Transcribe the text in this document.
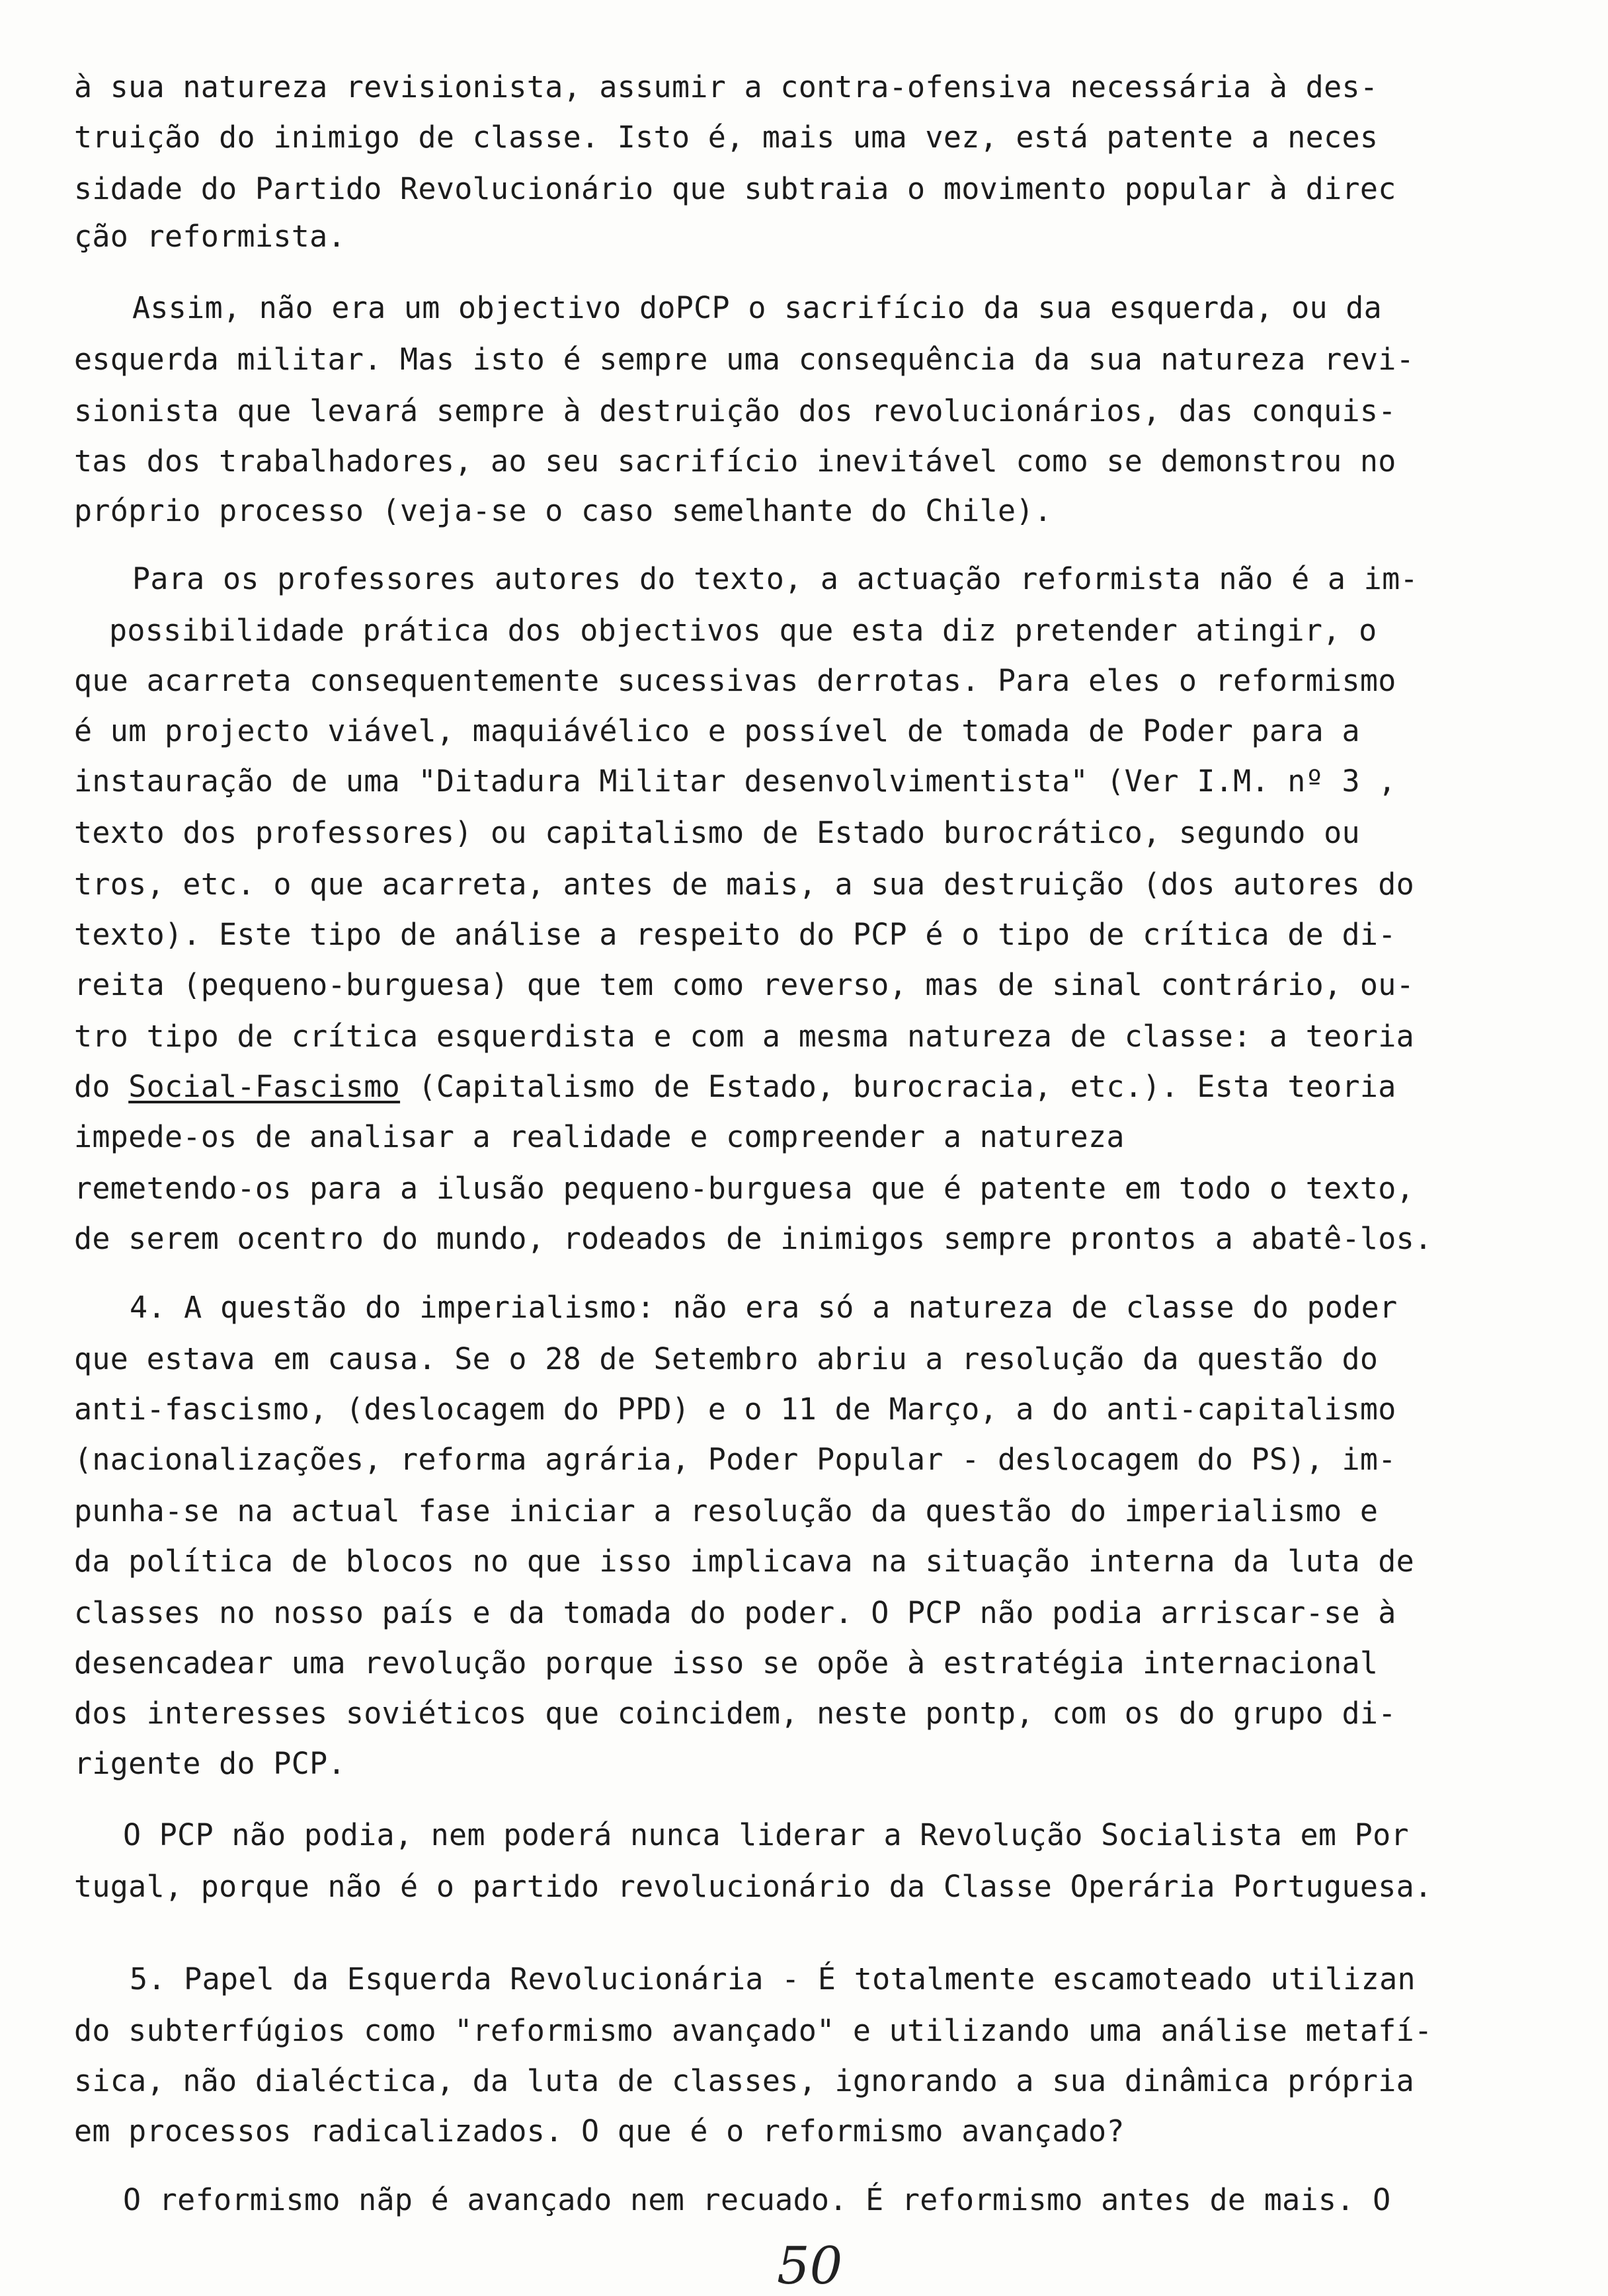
à sua natureza revisionista, assumir a contra-ofensiva necessária à des-
truição do inimigo de classe. Isto é, mais uma vez, está patente a neces
sidade do Partido Revolucionário que subtraia o movimento popular à direc
ção reformista.
Assim, não era um objectivo doPCP o sacrifício da sua esquerda, ou da
esquerda militar. Mas isto é sempre uma consequência da sua natureza revi-
sionista que levará sempre à destruição dos revolucionários, das conquis-
tas dos trabalhadores, ao seu sacrifício inevitável como se demonstrou no
próprio processo (veja-se o caso semelhante do Chile).
Para os professores autores do texto, a actuação reformista não é a im-
possibilidade prática dos objectivos que esta diz pretender atingir, o
que acarreta consequentemente sucessivas derrotas. Para eles o reformismo
é um projecto viável, maquiávélico e possível de tomada de Poder para a
instauração de uma "Ditadura Militar desenvolvimentista" (Ver I.M. nº 3 ,
texto dos professores) ou capitalismo de Estado burocrático, segundo ou
tros, etc. o que acarreta, antes de mais, a sua destruição (dos autores do
texto). Este tipo de análise a respeito do PCP é o tipo de crítica de di-
reita (pequeno-burguesa) que tem como reverso, mas de sinal contrário, ou-
tro tipo de crítica esquerdista e com a mesma natureza de classe: a teoria
do Social-Fascismo (Capitalismo de Estado, burocracia, etc.). Esta teoria
impede-os de analisar a realidade e compreender a natureza
remetendo-os para a ilusão pequeno-burguesa que é patente em todo o texto,
de serem ocentro do mundo, rodeados de inimigos sempre prontos a abatê-los.
4. A questão do imperialismo: não era só a natureza de classe do poder
que estava em causa. Se o 28 de Setembro abriu a resolução da questão do
anti-fascismo, (deslocagem do PPD) e o 11 de Março, a do anti-capitalismo
(nacionalizações, reforma agrária, Poder Popular - deslocagem do PS), im-
punha-se na actual fase iniciar a resolução da questão do imperialismo e
da política de blocos no que isso implicava na situação interna da luta de
classes no nosso país e da tomada do poder. O PCP não podia arriscar-se à
desencadear uma revolução porque isso se opõe à estratégia internacional
dos interesses soviéticos que coincidem, neste pontp, com os do grupo di-
rigente do PCP.
O PCP não podia, nem poderá nunca liderar a Revolução Socialista em Por
tugal, porque não é o partido revolucionário da Classe Operária Portuguesa.
5. Papel da Esquerda Revolucionária - É totalmente escamoteado utilizan
do subterfúgios como "reformismo avançado" e utilizando uma análise metafí-
sica, não dialéctica, da luta de classes, ignorando a sua dinâmica própria
em processos radicalizados. O que é o reformismo avançado?
O reformismo nãp é avançado nem recuado. É reformismo antes de mais. O
50
